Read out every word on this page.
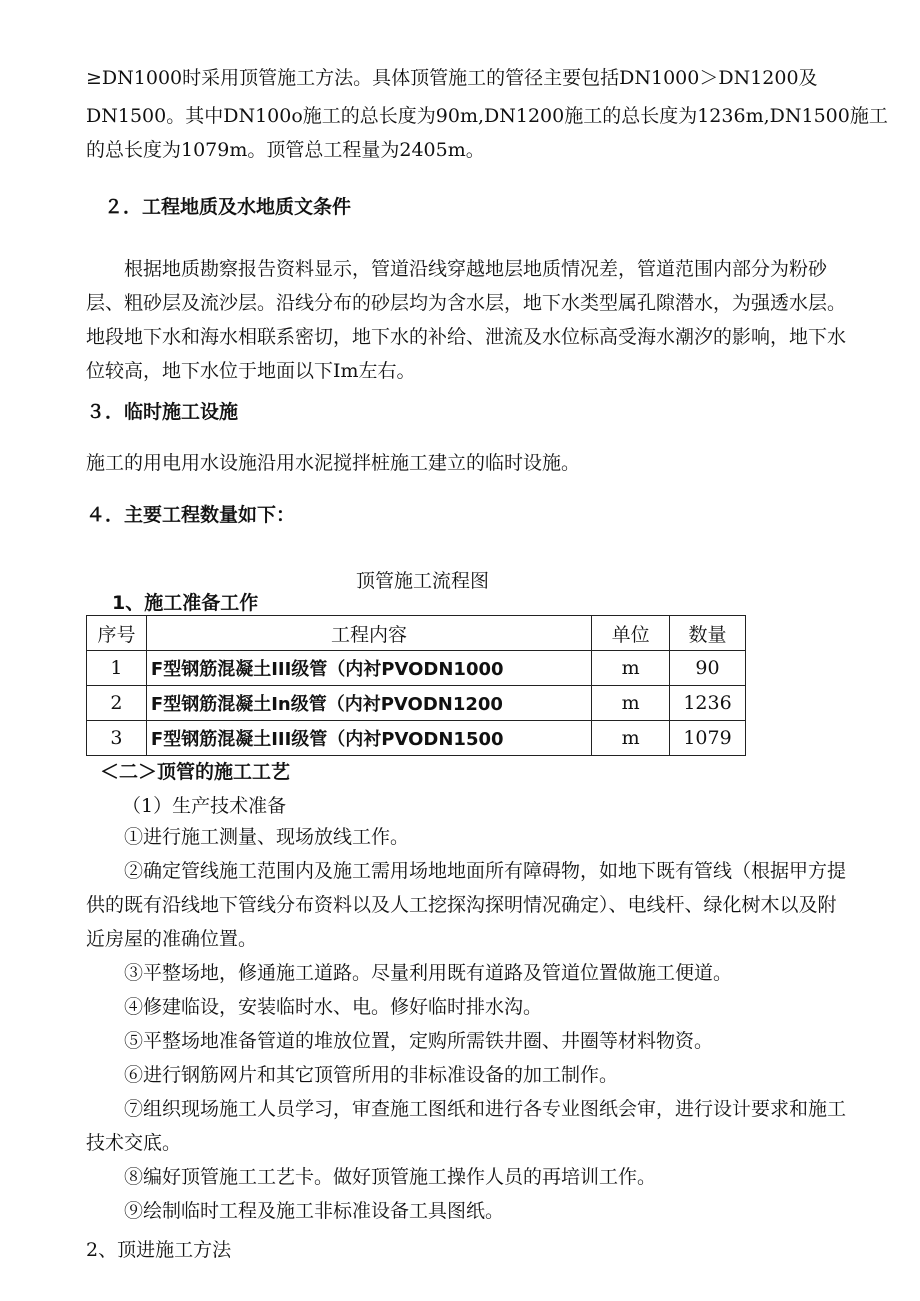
≥DN1000时采用顶管施工方法。具体顶管施工的管径主要包括DN1000＞DN1200及
DN1500。其中DN100o施工的总长度为90m,DN1200施工的总长度为1236m,DN1500施工
的总长度为1079m。顶管总工程量为2405m。
２．工程地质及水地质文条件

根据地质勘察报告资料显示，管道沿线穿越地层地质情况差，管道范围内部分为粉砂层、粗砂层及流沙层。沿线分布的砂层均为含水层，地下水类型属孔隙潜水，为强透水层。地段地下水和海水相联系密切，地下水的补给、泄流及水位标高受海水潮汐的影响，地下水位较高，地下水位于地面以下Im左右。

３．临时施工设施
施工的用电用水设施沿用水泥搅拌桩施工建立的临时设施。
４．主要工程数量如下：
顶管施工流程图
1、施工准备工作
序号	工程内容	单位	数量
1	F型钢筋混凝土III级管（内衬PVODN1000	m	90
2	F型钢筋混凝土In级管（内衬PVODN1200	m	1236
3	F型钢筋混凝土III级管（内衬PVODN1500	m	1079
＜二＞顶管的施工工艺
（1）生产技术准备

①进行施工测量、现场放线工作。

②确定管线施工范围内及施工需用场地地面所有障碍物，如地下既有管线（根据甲方提供的既有沿线地下管线分布资料以及人工挖探沟探明情况确定）、电线杆、绿化树木以及附近房屋的准确位置。

③平整场地，修通施工道路。尽量利用既有道路及管道位置做施工便道。

④修建临设，安装临时水、电。修好临时排水沟。

⑤平整场地准备管道的堆放位置，定购所需铁井圈、井圈等材料物资。

⑥进行钢筋网片和其它顶管所用的非标准设备的加工制作。

⑦组织现场施工人员学习，审查施工图纸和进行各专业图纸会审，进行设计要求和施工技术交底。

⑧编好顶管施工工艺卡。做好顶管施工操作人员的再培训工作。

⑨绘制临时工程及施工非标准设备工具图纸。

2、顶进施工方法
